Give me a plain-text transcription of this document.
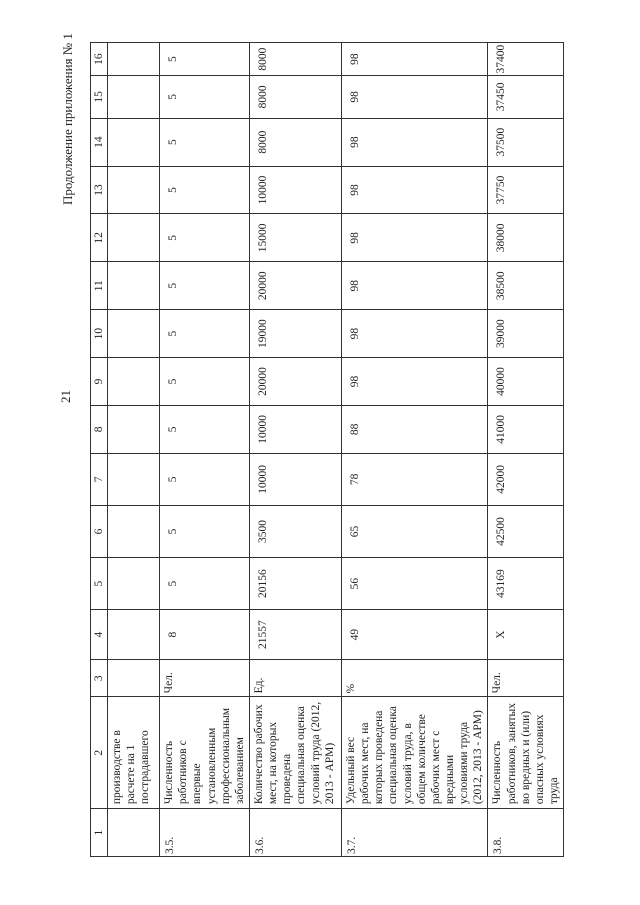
21
Продолжение приложения № 1
1	2	3	4	5	6	7	8	9	10	11	12	13	14	15	16
	производстве в расчете на 1 пострадавшего														
3.5.	Численность работников с впервые установленным профессиональным заболеванием	Чел.	8	5	5	5	5	5	5	5	5	5	5	5	5
3.6.	Количество рабочих мест, на которых проведена специальная оценка условий труда (2012, 2013 - АРМ)	Ед.	21557	20156	3500	10000	10000	20000	19000	20000	15000	10000	8000	8000	8000
3.7.	Удельный вес рабочих мест, на которых проведена специальная оценка условий труда, в общем количестве рабочих мест с вредными условиями труда (2012, 2013 - АРМ)	%	49	56	65	78	88	98	98	98	98	98	98	98	98
3.8.	Численность работников, занятых во вредных и (или) опасных условиях труда	Чел.	X	43169	42500	42000	41000	40000	39000	38500	38000	37750	37500	37450	37400
